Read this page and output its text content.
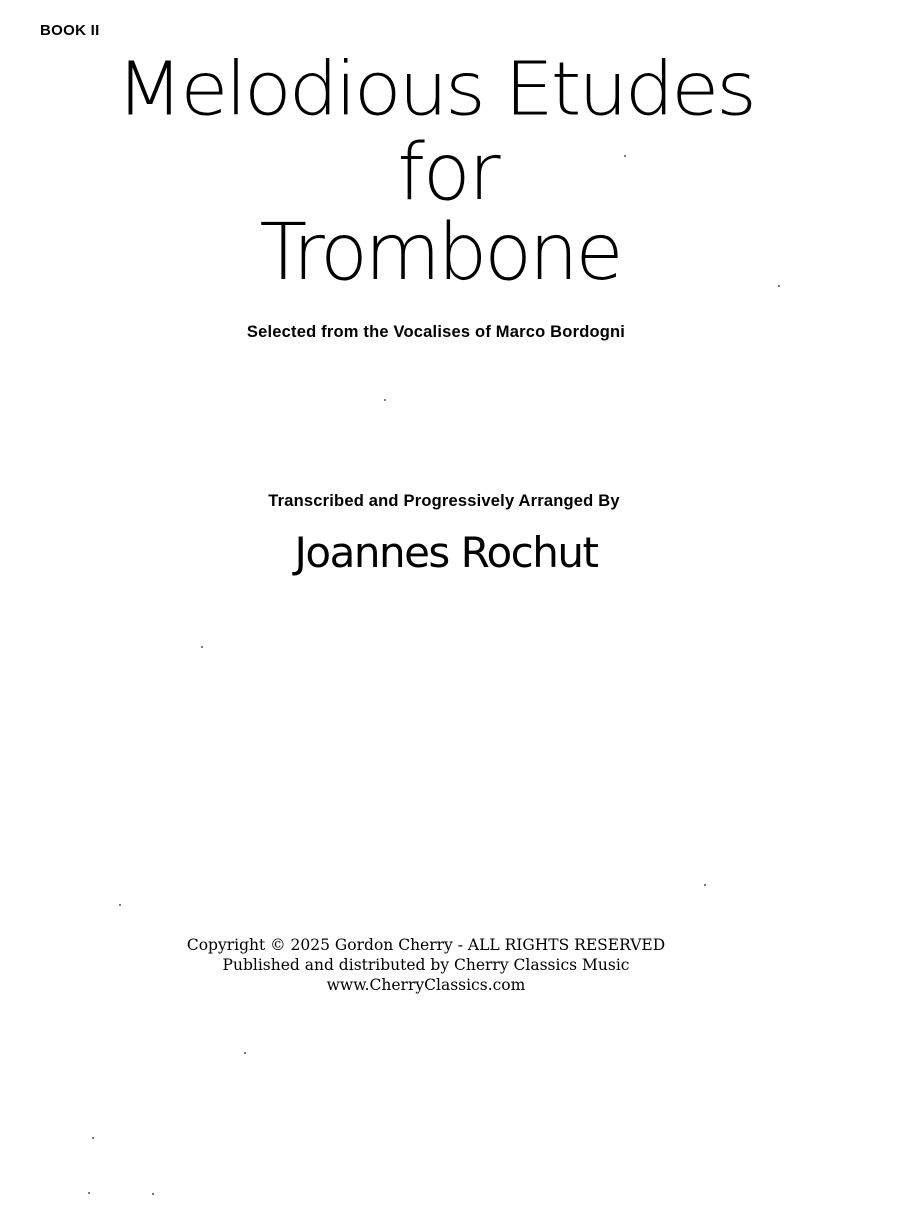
BOOK II
Melodious Etudes
for
Trombone
Selected from the Vocalises of Marco Bordogni
Transcribed and Progressively Arranged By
Joannes Rochut
Copyright © 2025 Gordon Cherry - ALL RIGHTS RESERVED
Published and distributed by Cherry Classics Music
www.CherryClassics.com
